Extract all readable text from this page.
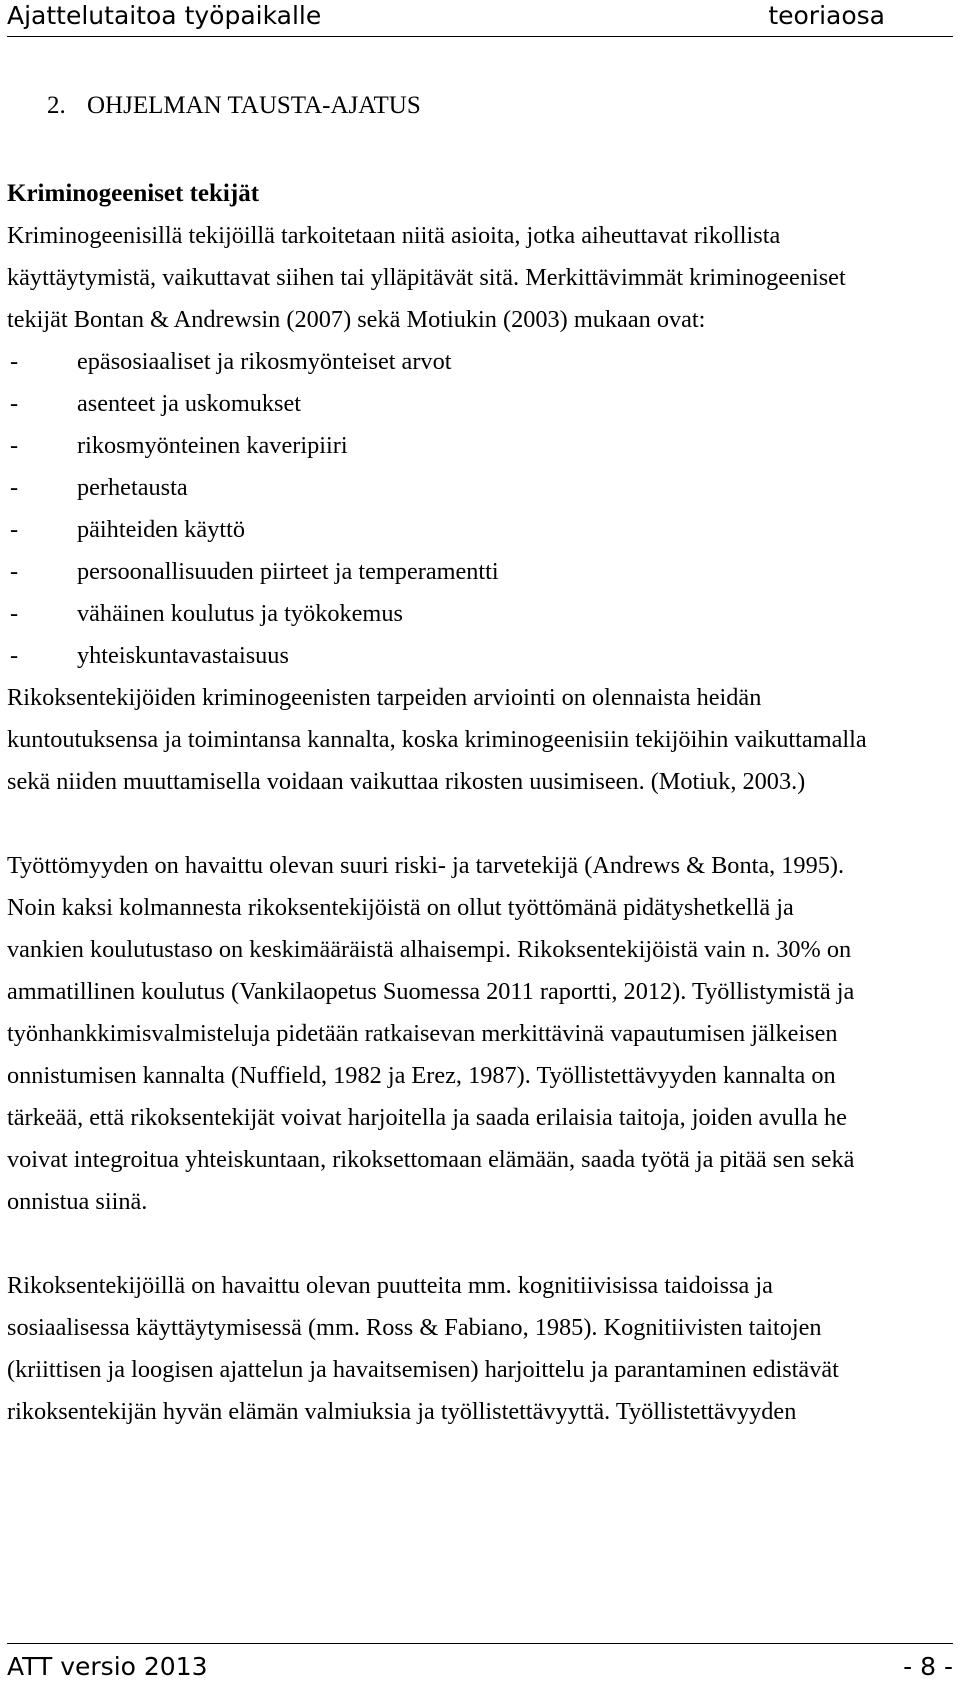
Ajattelutaitoa työpaikalle	teoriaosa
2. OHJELMAN TAUSTA-AJATUS
Kriminogeeniset tekijät

Kriminogeenisillä tekijöillä tarkoitetaan niitä asioita, jotka aiheuttavat rikollista
käyttäytymistä, vaikuttavat siihen tai ylläpitävät sitä. Merkittävimmät kriminogeeniset
tekijät Bontan & Andrewsin (2007) sekä Motiukin (2003) mukaan ovat:

- epäsosiaaliset ja rikosmyönteiset arvot
- asenteet ja uskomukset
- rikosmyönteinen kaveripiiri
- perhetausta
- päihteiden käyttö
- persoonallisuuden piirteet ja temperamentti
- vähäinen koulutus ja työkokemus
- yhteiskuntavastaisuus

Rikoksentekijöiden kriminogeenisten tarpeiden arviointi on olennaista heidän
kuntoutuksensa ja toimintansa kannalta, koska kriminogeenisiin tekijöihin vaikuttamalla
sekä niiden muuttamisella voidaan vaikuttaa rikosten uusimiseen. (Motiuk, 2003.)

Työttömyyden on havaittu olevan suuri riski- ja tarvetekijä (Andrews & Bonta, 1995).
Noin kaksi kolmannesta rikoksentekijöistä on ollut työttömänä pidätyshetkellä ja
vankien koulutustaso on keskimääräistä alhaisempi. Rikoksentekijöistä vain n. 30% on
ammatillinen koulutus (Vankilaopetus Suomessa 2011 raportti, 2012). Työllistymistä ja
työnhankkimisvalmisteluja pidetään ratkaisevan merkittävinä vapautumisen jälkeisen
onnistumisen kannalta (Nuffield, 1982 ja Erez, 1987). Työllistettävyyden kannalta on
tärkeää, että rikoksentekijät voivat harjoitella ja saada erilaisia taitoja, joiden avulla he
voivat integroitua yhteiskuntaan, rikoksettomaan elämään, saada työtä ja pitää sen sekä
onnistua siinä.

Rikoksentekijöillä on havaittu olevan puutteita mm. kognitiivisissa taidoissa ja
sosiaalisessa käyttäytymisessä (mm. Ross & Fabiano, 1985). Kognitiivisten taitojen
(kriittisen ja loogisen ajattelun ja havaitsemisen) harjoittelu ja parantaminen edistävät
rikoksentekijän hyvän elämän valmiuksia ja työllistettävyyttä. Työllistettävyyden

ATT versio 2013	- 8 -
